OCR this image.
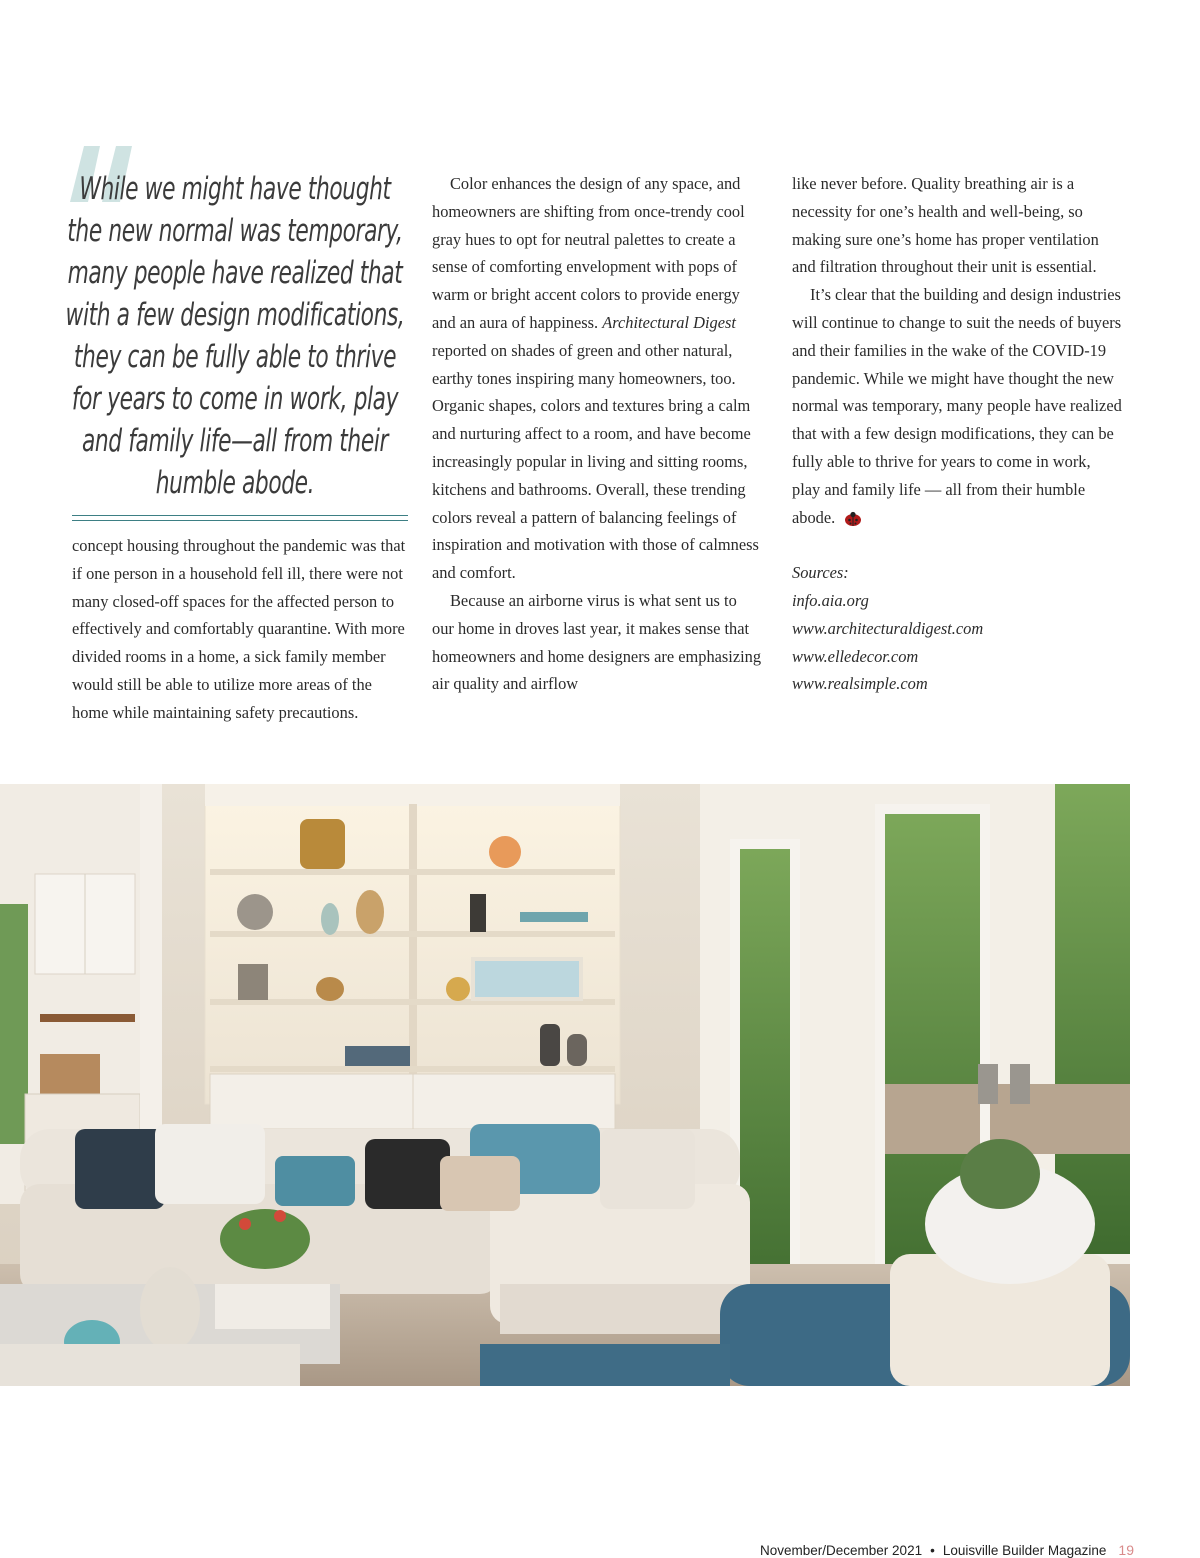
While we might have thought the new normal was temporary, many people have realized that with a few design modifications, they can be fully able to thrive for years to come in work, play and family life—all from their humble abode.

concept housing throughout the pandemic was that if one person in a household fell ill, there were not many closed-off spaces for the affected person to effectively and comfortably quarantine. With more divided rooms in a home, a sick family member would still be able to utilize more areas of the home while maintaining safety precautions.

Color enhances the design of any space, and homeowners are shifting from once-trendy cool gray hues to opt for neutral palettes to create a sense of comforting envelopment with pops of warm or bright accent colors to provide energy and an aura of happiness. Architectural Digest reported on shades of green and other natural, earthy tones inspiring many homeowners, too. Organic shapes, colors and textures bring a calm and nurturing affect to a room, and have become increasingly popular in living and sitting rooms, kitchens and bathrooms. Overall, these trending colors reveal a pattern of balancing feelings of inspiration and motivation with those of calmness and comfort.

Because an airborne virus is what sent us to our home in droves last year, it makes sense that homeowners and home designers are emphasizing air quality and airflow

like never before. Quality breathing air is a necessity for one’s health and well-being, so making sure one’s home has proper ventilation and filtration throughout their unit is essential.

It’s clear that the building and design industries will continue to change to suit the needs of buyers and their families in the wake of the COVID-19 pandemic. While we might have thought the new normal was temporary, many people have realized that with a few design modifications, they can be fully able to thrive for years to come in work, play and family life — all from their humble abode.

Sources:
info.aia.org
www.architecturaldigest.com
www.elledecor.com
www.realsimple.com
November/December 2021 • Louisville Builder Magazine 19
